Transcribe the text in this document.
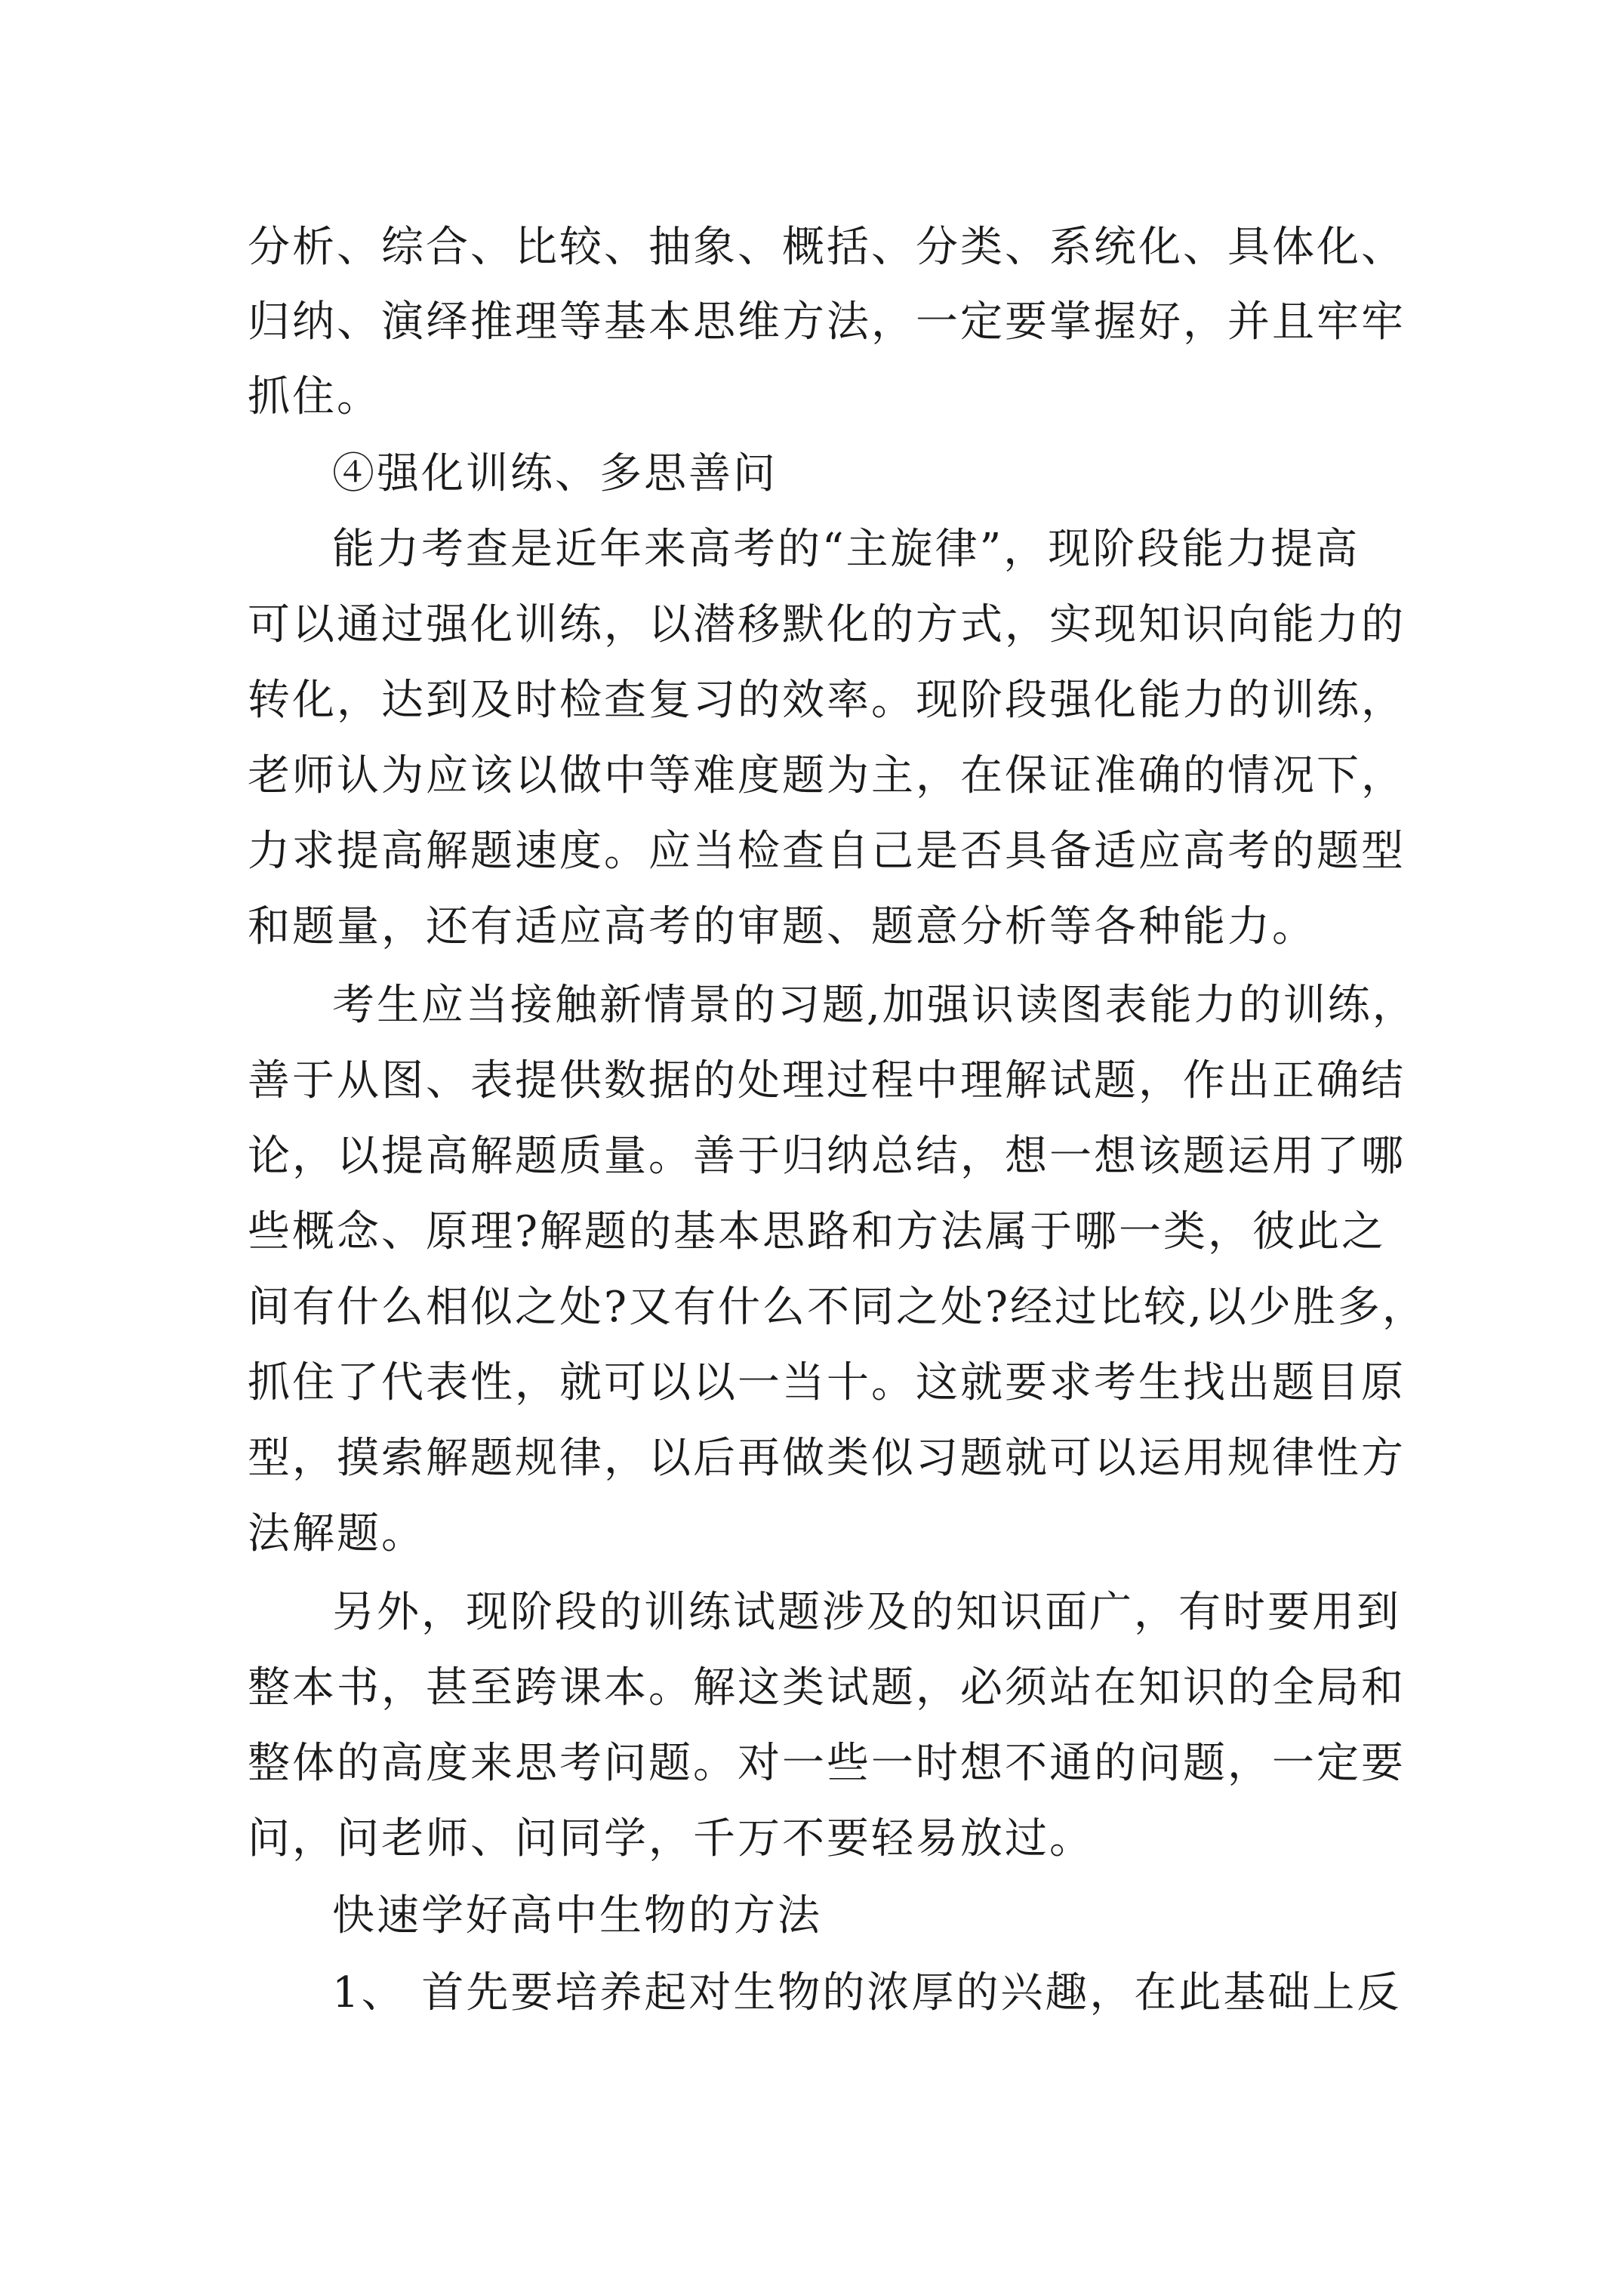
分析、综合、比较、抽象、概括、分类、系统化、具体化、
归纳、演绎推理等基本思维方法，一定要掌握好，并且牢牢
抓住。
④强化训练、多思善问
能力考查是近年来高考的“主旋律”，现阶段能力提高
可以通过强化训练，以潜移默化的方式，实现知识向能力的
转化，达到及时检查复习的效率。现阶段强化能力的训练，
老师认为应该以做中等难度题为主，在保证准确的情况下，
力求提高解题速度。应当检查自己是否具备适应高考的题型
和题量，还有适应高考的审题、题意分析等各种能力。
考生应当接触新情景的习题,加强识读图表能力的训练，
善于从图、表提供数据的处理过程中理解试题，作出正确结
论，以提高解题质量。善于归纳总结，想一想该题运用了哪
些概念、原理?解题的基本思路和方法属于哪一类，彼此之
间有什么相似之处?又有什么不同之处?经过比较,以少胜多，
抓住了代表性，就可以以一当十。这就要求考生找出题目原
型，摸索解题规律，以后再做类似习题就可以运用规律性方
法解题。
另外，现阶段的训练试题涉及的知识面广，有时要用到
整本书，甚至跨课本。解这类试题，必须站在知识的全局和
整体的高度来思考问题。对一些一时想不通的问题，一定要
问，问老师、问同学，千万不要轻易放过。
快速学好高中生物的方法
1、 首先要培养起对生物的浓厚的兴趣，在此基础上反
